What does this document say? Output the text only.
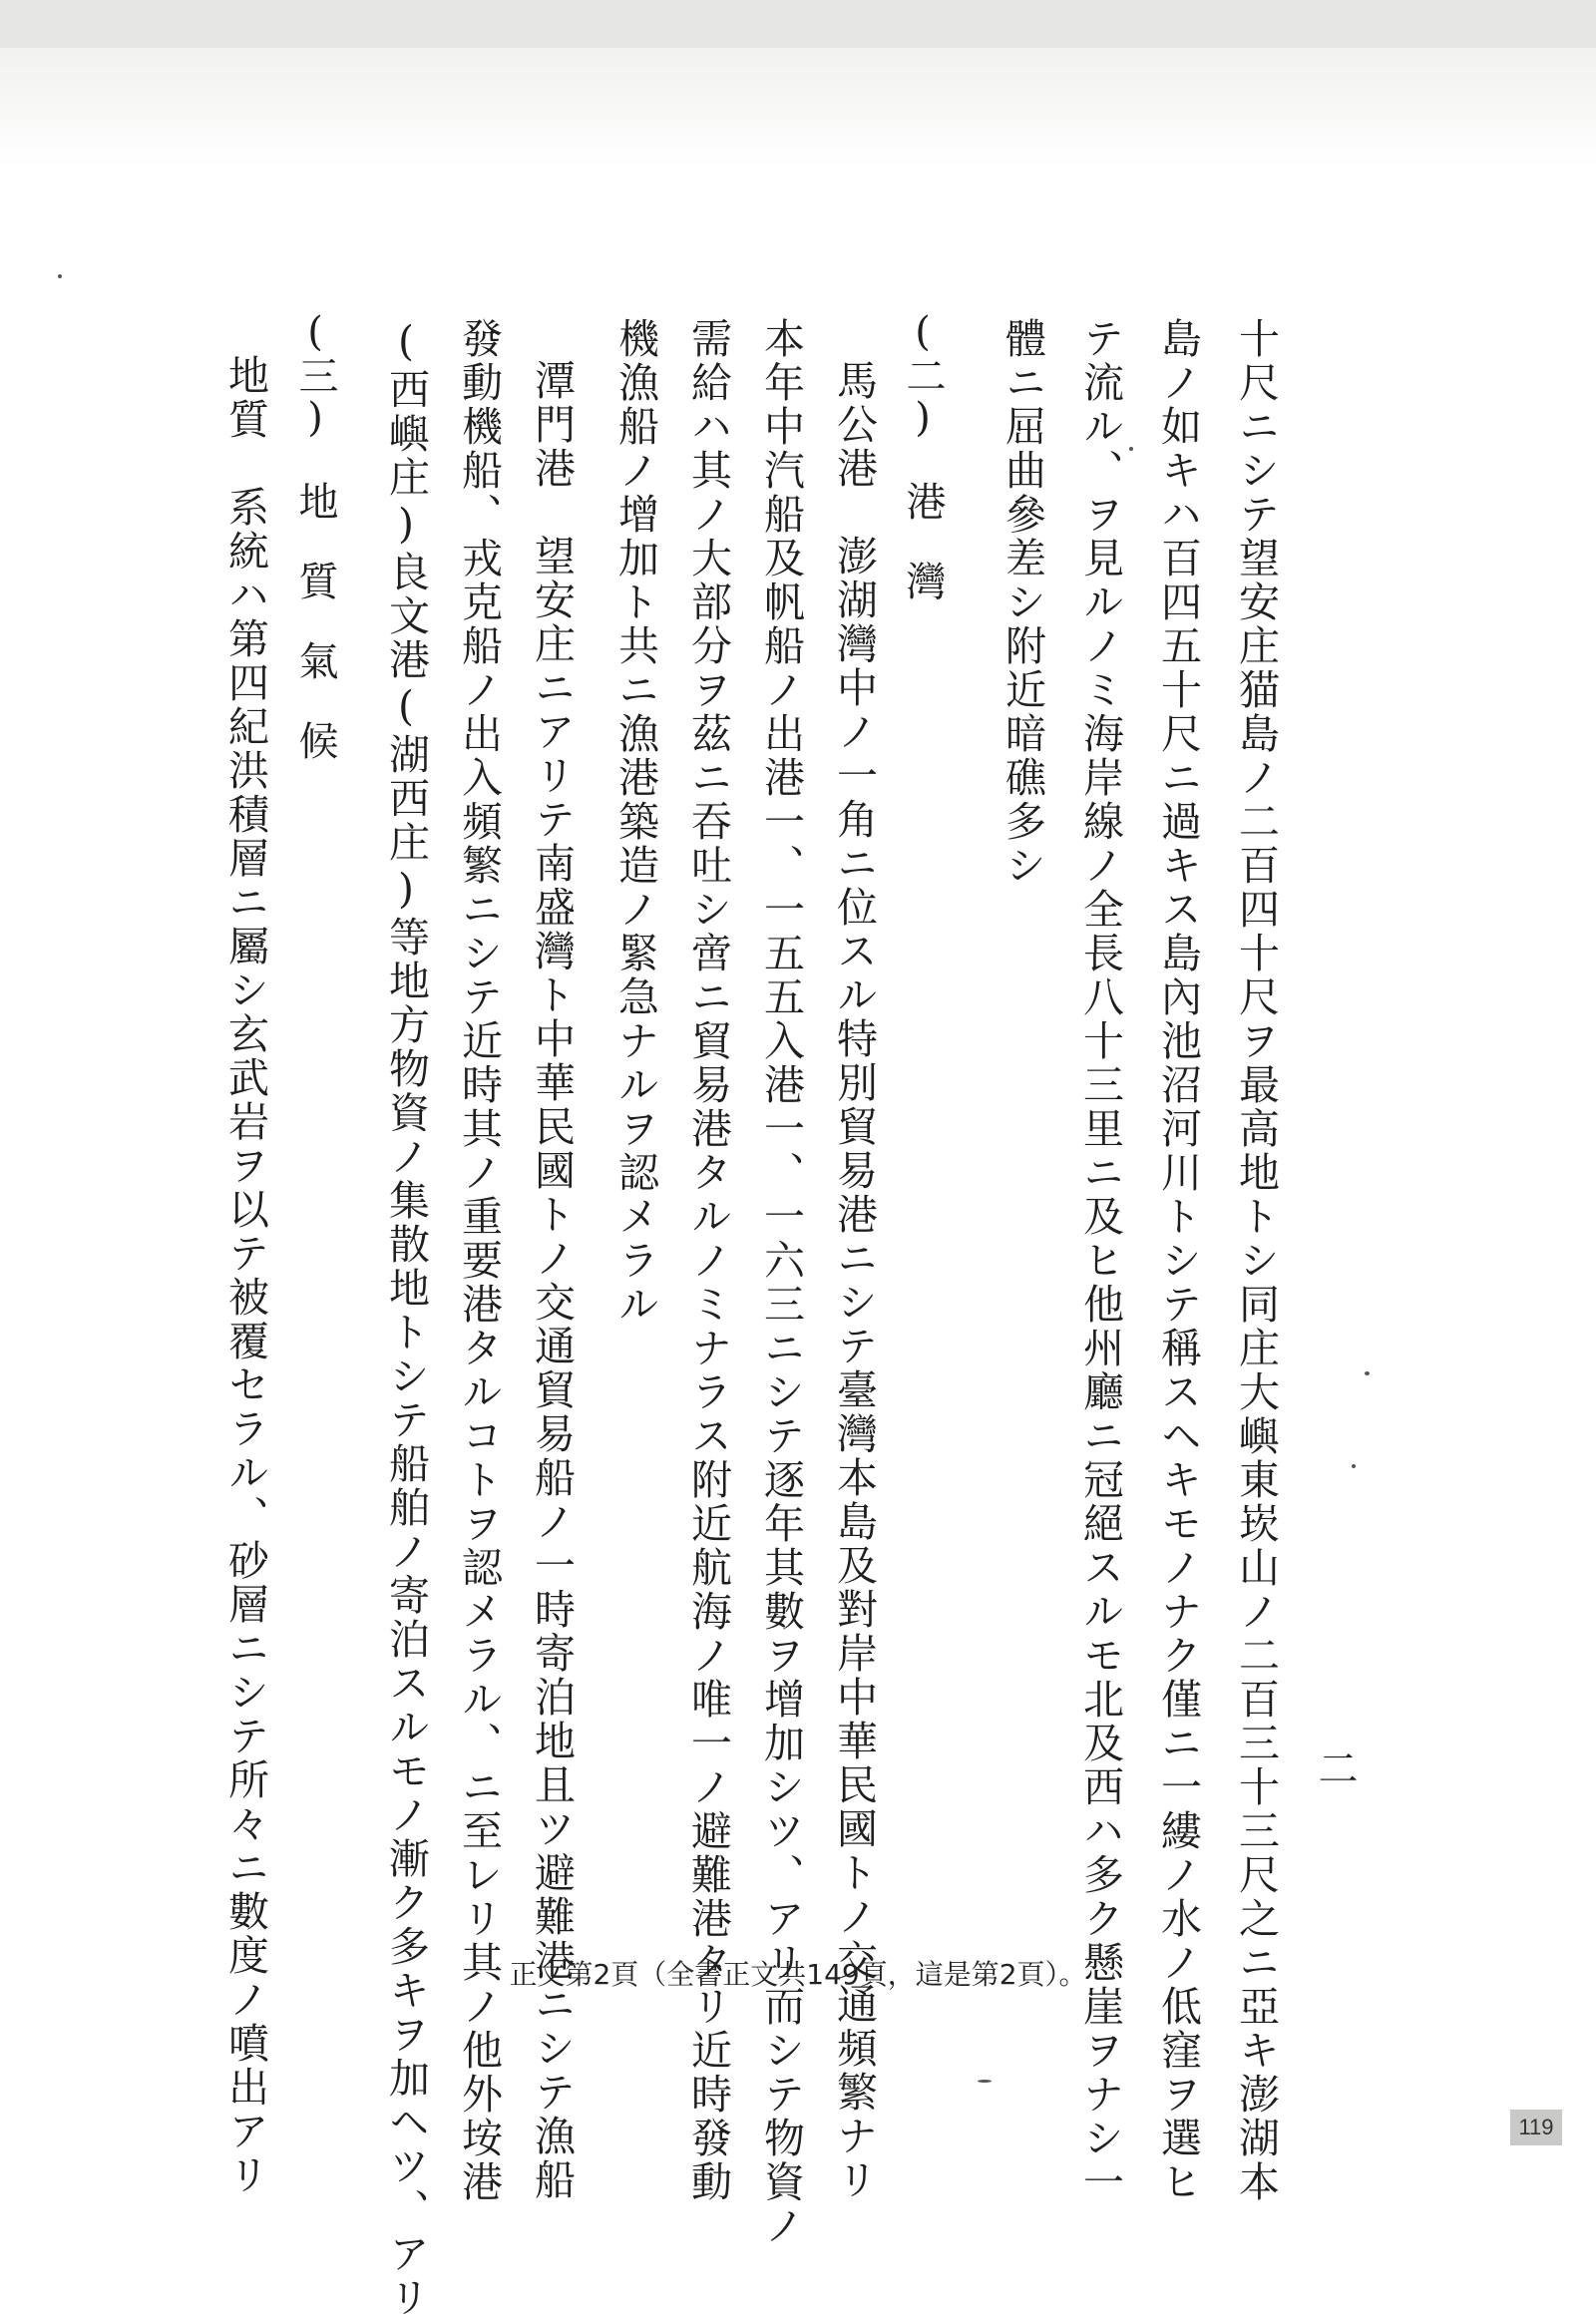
二
十尺ニシテ望安庄猫島ノ二百四十尺ヲ最高地トシ同庄大嶼東崁山ノ二百三十三尺之ニ亞キ澎湖本
島ノ如キハ百四五十尺ニ過キス島內池沼河川トシテ稱スヘキモノナク僅ニ一縷ノ水ノ低窪ヲ選ヒ
テ流ル、ヲ見ルノミ海岸線ノ全長八十三里ニ及ヒ他州廳ニ冠絕スルモ北及西ハ多ク懸崖ヲナシ一
體ニ屈曲參差シ附近暗礁多シ
(二)　港　灣
馬公港　澎湖灣中ノ一角ニ位スル特別貿易港ニシテ臺灣本島及對岸中華民國トノ交通頻繁ナリ
本年中汽船及帆船ノ出港一、一五五入港一、一六三ニシテ逐年其數ヲ增加シツ、アリ而シテ物資ノ
需給ハ其ノ大部分ヲ茲ニ吞吐シ啻ニ貿易港タルノミナラス附近航海ノ唯一ノ避難港タリ近時發動
機漁船ノ增加ト共ニ漁港築造ノ緊急ナルヲ認メラル
潭門港　望安庄ニアリテ南盛灣ト中華民國トノ交通貿易船ノ一時寄泊地且ツ避難港ニシテ漁船
發動機船、戎克船ノ出入頻繁ニシテ近時其ノ重要港タルコトヲ認メラル、ニ至レリ其ノ他外垵港
(西嶼庄)良文港(湖西庄)等地方物資ノ集散地トシテ船舶ノ寄泊スルモノ漸ク多キヲ加ヘツ、アリ
(三)　地　質　氣　候
地質　系統ハ第四紀洪積層ニ屬シ玄武岩ヲ以テ被覆セラル、砂層ニシテ所々ニ數度ノ噴出アリ	正文第2頁（全書正文共149頁，這是第2頁）。
119
